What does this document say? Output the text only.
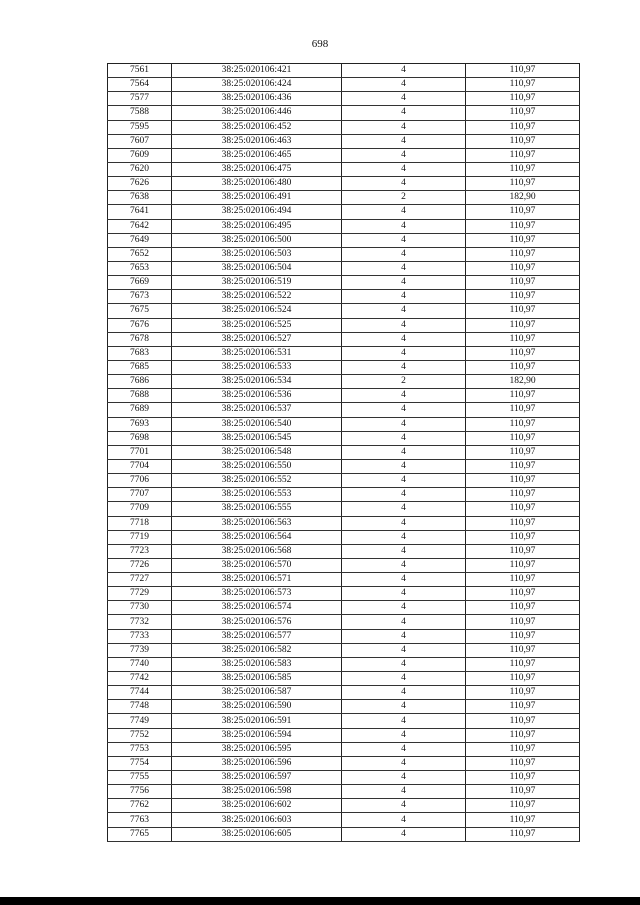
698
7561	38:25:020106:421	4	110,97
7564	38:25:020106:424	4	110,97
7577	38:25:020106:436	4	110,97
7588	38:25:020106:446	4	110,97
7595	38:25:020106:452	4	110,97
7607	38:25:020106:463	4	110,97
7609	38:25:020106:465	4	110,97
7620	38:25:020106:475	4	110,97
7626	38:25:020106:480	4	110,97
7638	38:25:020106:491	2	182,90
7641	38:25:020106:494	4	110,97
7642	38:25:020106:495	4	110,97
7649	38:25:020106:500	4	110,97
7652	38:25:020106:503	4	110,97
7653	38:25:020106:504	4	110,97
7669	38:25:020106:519	4	110,97
7673	38:25:020106:522	4	110,97
7675	38:25:020106:524	4	110,97
7676	38:25:020106:525	4	110,97
7678	38:25:020106:527	4	110,97
7683	38:25:020106:531	4	110,97
7685	38:25:020106:533	4	110,97
7686	38:25:020106:534	2	182,90
7688	38:25:020106:536	4	110,97
7689	38:25:020106:537	4	110,97
7693	38:25:020106:540	4	110,97
7698	38:25:020106:545	4	110,97
7701	38:25:020106:548	4	110,97
7704	38:25:020106:550	4	110,97
7706	38:25:020106:552	4	110,97
7707	38:25:020106:553	4	110,97
7709	38:25:020106:555	4	110,97
7718	38:25:020106:563	4	110,97
7719	38:25:020106:564	4	110,97
7723	38:25:020106:568	4	110,97
7726	38:25:020106:570	4	110,97
7727	38:25:020106:571	4	110,97
7729	38:25:020106:573	4	110,97
7730	38:25:020106:574	4	110,97
7732	38:25:020106:576	4	110,97
7733	38:25:020106:577	4	110,97
7739	38:25:020106:582	4	110,97
7740	38:25:020106:583	4	110,97
7742	38:25:020106:585	4	110,97
7744	38:25:020106:587	4	110,97
7748	38:25:020106:590	4	110,97
7749	38:25:020106:591	4	110,97
7752	38:25:020106:594	4	110,97
7753	38:25:020106:595	4	110,97
7754	38:25:020106:596	4	110,97
7755	38:25:020106:597	4	110,97
7756	38:25:020106:598	4	110,97
7762	38:25:020106:602	4	110,97
7763	38:25:020106:603	4	110,97
7765	38:25:020106:605	4	110,97
